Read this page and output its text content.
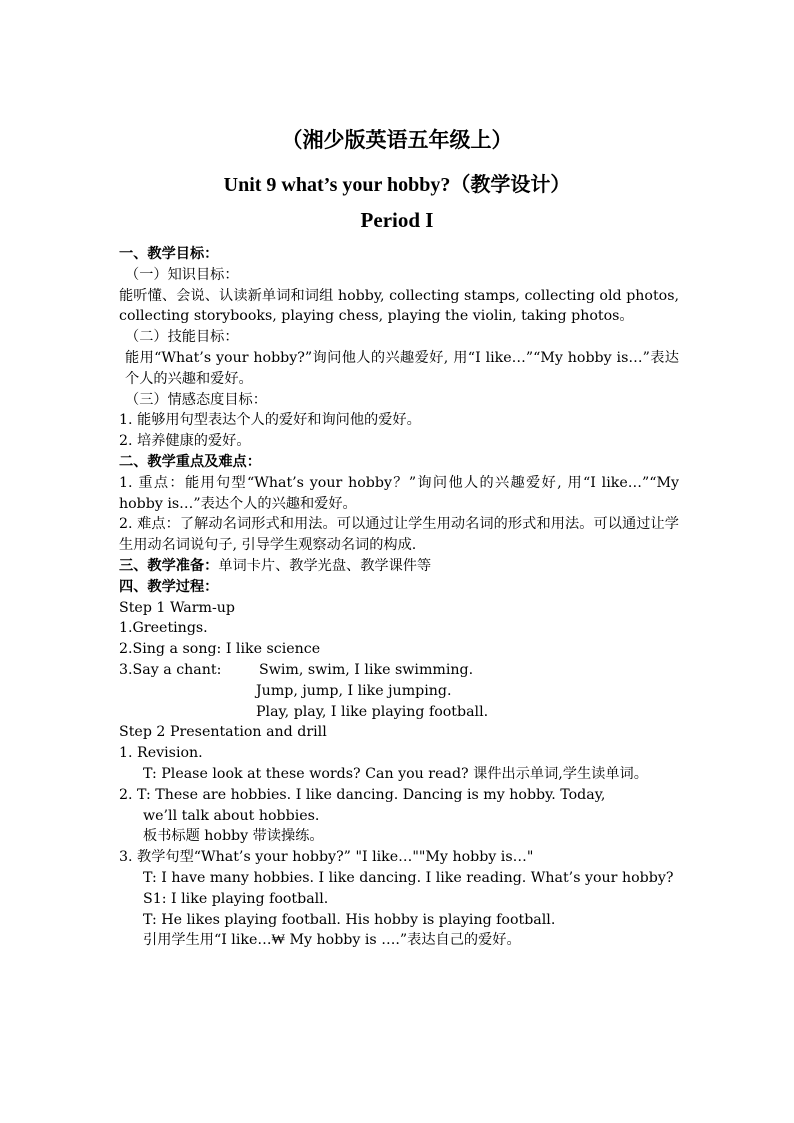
（湘少版英语五年级上）
Unit 9 what’s your hobby?（教学设计）
Period I

一、教学目标：

（一）知识目标：

能听懂、会说、认读新单词和词组 hobby, collecting stamps, collecting old photos, collecting storybooks, playing chess, playing the violin, taking photos。

（二）技能目标：

能用“What’s your hobby?”询问他人的兴趣爱好, 用“I like…”“My hobby is…”表达个人的兴趣和爱好。

（三）情感态度目标：

1. 能够用句型表达个人的爱好和询问他的爱好。

2. 培养健康的爱好。

二、教学重点及难点：

1. 重点：能用句型“What’s your hobby？”询问他人的兴趣爱好, 用“I like…”“My hobby is…”表达个人的兴趣和爱好。

2. 难点：了解动名词形式和用法。可以通过让学生用动名词的形式和用法。可以通过让学生用动名词说句子, 引导学生观察动名词的构成.

三、教学准备：单词卡片、教学光盘、教学课件等

四、教学过程：

Step 1 Warm-up

1.Greetings.

2.Sing a song: I like science

3.Say a chant:	Swim, swim, I like swimming.

Jump, jump, I like jumping.

Play, play, I like playing football.

Step 2 Presentation and drill

1. Revision.

T: Please look at these words? Can you read? 课件出示单词,学生读单词。

2. T: These are hobbies. I like dancing. Dancing is my hobby. Today,

we’ll talk about hobbies.

板书标题 hobby 带读操练。

3. 教学句型“What’s your hobby?” "I like…""My hobby is…"

T: I have many hobbies. I like dancing. I like reading. What’s your hobby?

S1: I like playing football.

T: He likes playing football. His hobby is playing football.

引用学生用“I like…₩ My hobby is ….”表达自己的爱好。
